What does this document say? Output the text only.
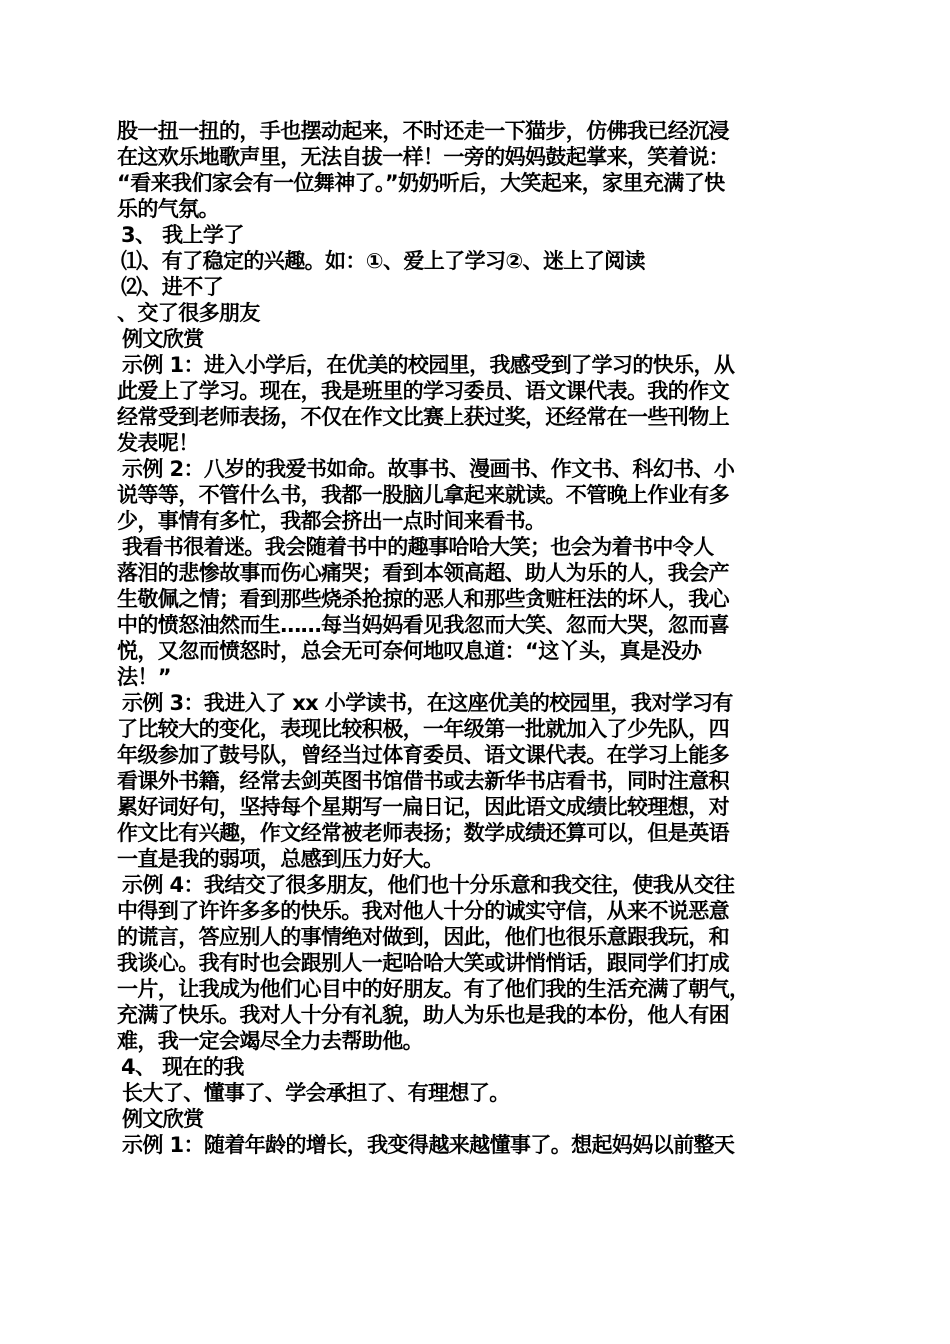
股一扭一扭的，手也摆动起来，不时还走一下猫步，仿佛我已经沉浸
在这欢乐地歌声里，无法自拔一样！一旁的妈妈鼓起掌来，笑着说：
“看来我们家会有一位舞神了。”奶奶听后，大笑起来，家里充满了快
乐的气氛。
3、 我上学了
⑴、有了稳定的兴趣。如：①、爱上了学习②、迷上了阅读
⑵、进不了
、交了很多朋友
例文欣赏
示例 1：进入小学后，在优美的校园里，我感受到了学习的快乐，从
此爱上了学习。现在，我是班里的学习委员、语文课代表。我的作文
经常受到老师表扬，不仅在作文比赛上获过奖，还经常在一些刊物上
发表呢！
示例 2：八岁的我爱书如命。故事书、漫画书、作文书、科幻书、小
说等等，不管什么书，我都一股脑儿拿起来就读。不管晚上作业有多
少，事情有多忙，我都会挤出一点时间来看书。
我看书很着迷。我会随着书中的趣事哈哈大笑；也会为着书中令人
落泪的悲惨故事而伤心痛哭；看到本领高超、助人为乐的人，我会产
生敬佩之情；看到那些烧杀抢掠的恶人和那些贪赃枉法的坏人，我心
中的愤怒油然而生……每当妈妈看见我忽而大笑、忽而大哭，忽而喜
悦，又忽而愤怒时，总会无可奈何地叹息道：“这丫头，真是没办
法！”
示例 3：我进入了 xx 小学读书，在这座优美的校园里，我对学习有
了比较大的变化，表现比较积极，一年级第一批就加入了少先队，四
年级参加了鼓号队，曾经当过体育委员、语文课代表。在学习上能多
看课外书籍，经常去剑英图书馆借书或去新华书店看书，同时注意积
累好词好句，坚持每个星期写一扁日记，因此语文成绩比较理想，对
作文比有兴趣，作文经常被老师表扬；数学成绩还算可以，但是英语
一直是我的弱项，总感到压力好大。
示例 4：我结交了很多朋友，他们也十分乐意和我交往，使我从交往
中得到了许许多多的快乐。我对他人十分的诚实守信，从来不说恶意
的谎言，答应别人的事情绝对做到，因此，他们也很乐意跟我玩，和
我谈心。我有时也会跟别人一起哈哈大笑或讲悄悄话，跟同学们打成
一片，让我成为他们心目中的好朋友。有了他们我的生活充满了朝气，
充满了快乐。我对人十分有礼貌，助人为乐也是我的本份，他人有困
难，我一定会竭尽全力去帮助他。
4、 现在的我
长大了、懂事了、学会承担了、有理想了。
例文欣赏
示例 1：随着年龄的增长，我变得越来越懂事了。想起妈妈以前整天
